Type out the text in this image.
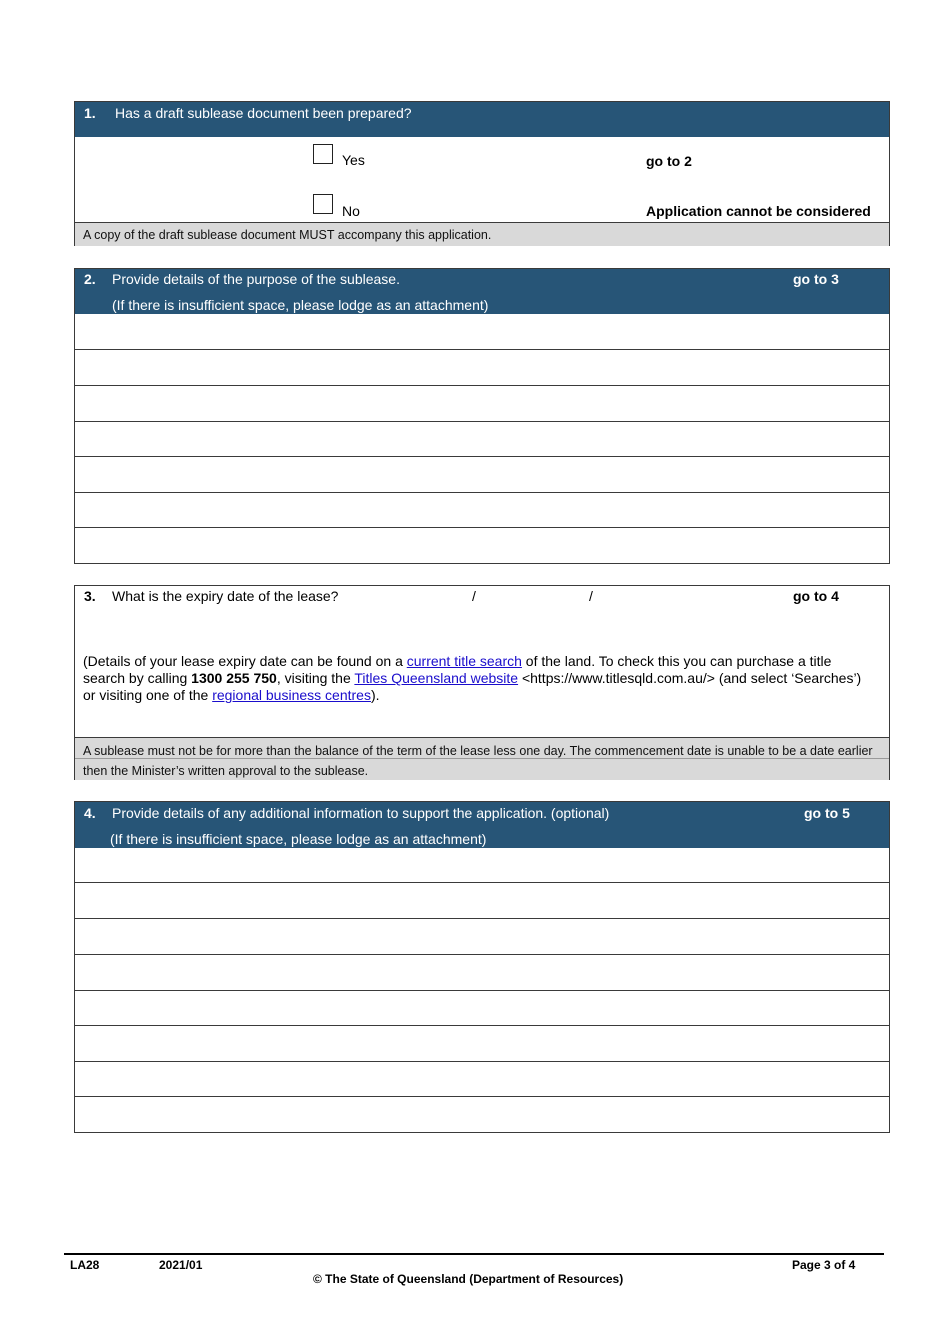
1. Has a draft sublease document been prepared?
Yes	go to 2
No	Application cannot be considered
A copy of the draft sublease document MUST accompany this application.
2. Provide details of the purpose of the sublease.	go to 3
(If there is insufficient space, please lodge as an attachment)
3. What is the expiry date of the lease?	/	/	go to 4
(Details of your lease expiry date can be found on a current title search of the land. To check this you can purchase a title search by calling 1300 255 750, visiting the Titles Queensland website <https://www.titlesqld.com.au/> (and select ‘Searches’) or visiting one of the regional business centres).
A sublease must not be for more than the balance of the term of the lease less one day. The commencement date is unable to be a date earlier then the Minister’s written approval to the sublease.
4. Provide details of any additional information to support the application. (optional)	go to 5
(If there is insufficient space, please lodge as an attachment)
LA28	2021/01	Page 3 of 4
© The State of Queensland (Department of Resources)
